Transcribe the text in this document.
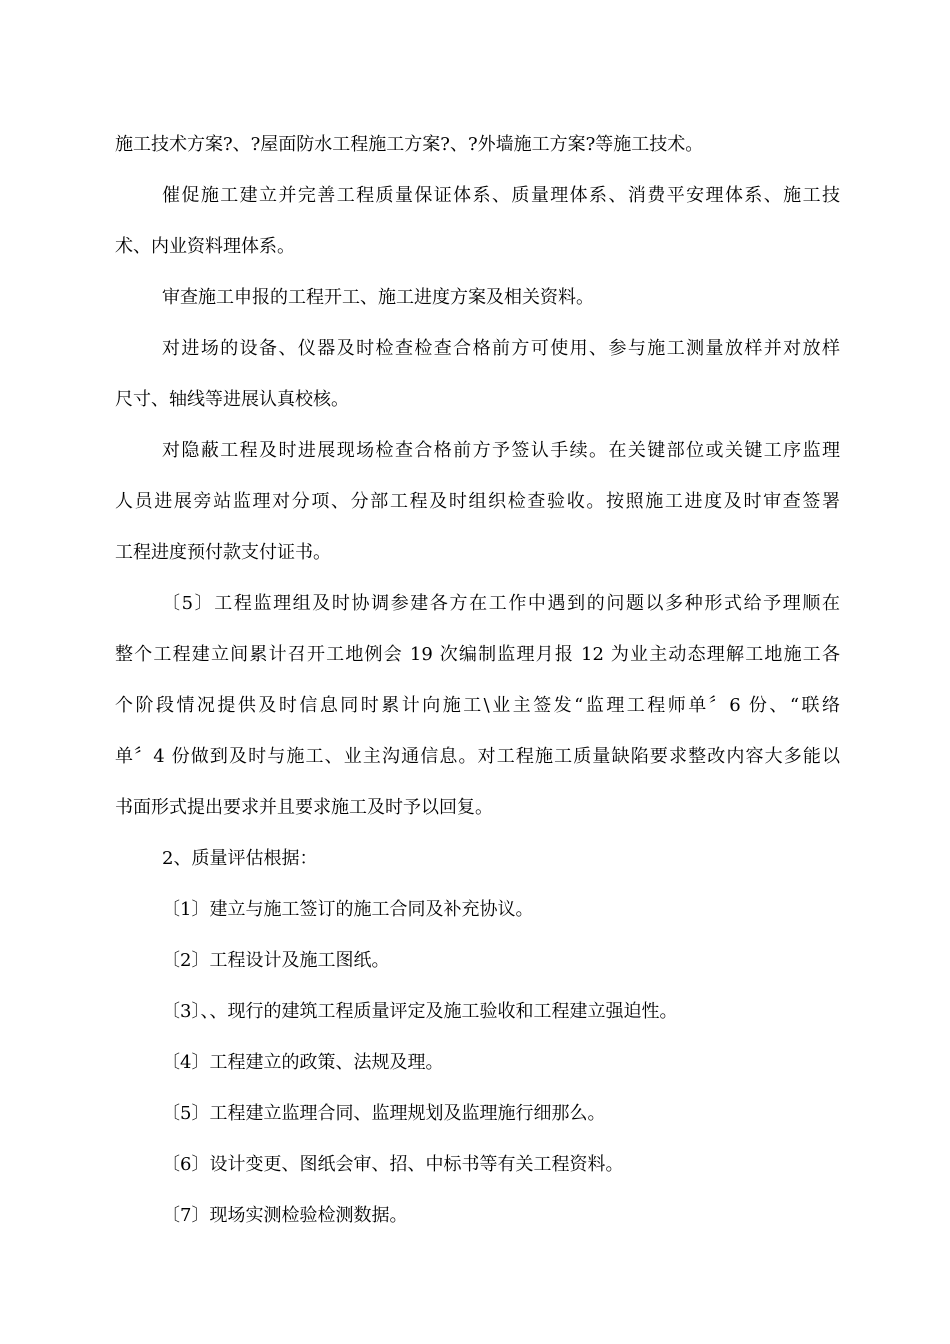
施工技术方案?、?屋面防水工程施工方案?、?外墙施工方案?等施工技术。
催促施工建立并完善工程质量保证体系、质量理体系、消费平安理体系、施工技
术、内业资料理体系。
审查施工申报的工程开工、施工进度方案及相关资料。
对进场的设备、仪器及时检查检查合格前方可使用、参与施工测量放样并对放样
尺寸、轴线等进展认真校核。
对隐蔽工程及时进展现场检查合格前方予签认手续。在关键部位或关键工序监理
人员进展旁站监理对分项、分部工程及时组织检查验收。按照施工进度及时审查签署
工程进度预付款支付证书。
〔5〕工程监理组及时协调参建各方在工作中遇到的问题以多种形式给予理顺在
整个工程建立间累计召开工地例会 19 次编制监理月报 12 为业主动态理解工地施工各
个阶段情况提供及时信息同时累计向施工\业主签发“监理工程师单〞6 份、“联络
单〞4 份做到及时与施工、业主沟通信息。对工程施工质量缺陷要求整改内容大多能以
书面形式提出要求并且要求施工及时予以回复。
2、质量评估根据：
〔1〕建立与施工签订的施工合同及补充协议。
〔2〕工程设计及施工图纸。
〔3〕、、现行的建筑工程质量评定及施工验收和工程建立强迫性。
〔4〕工程建立的政策、法规及理。
〔5〕工程建立监理合同、监理规划及监理施行细那么。
〔6〕设计变更、图纸会审、招、中标书等有关工程资料。
〔7〕现场实测检验检测数据。
